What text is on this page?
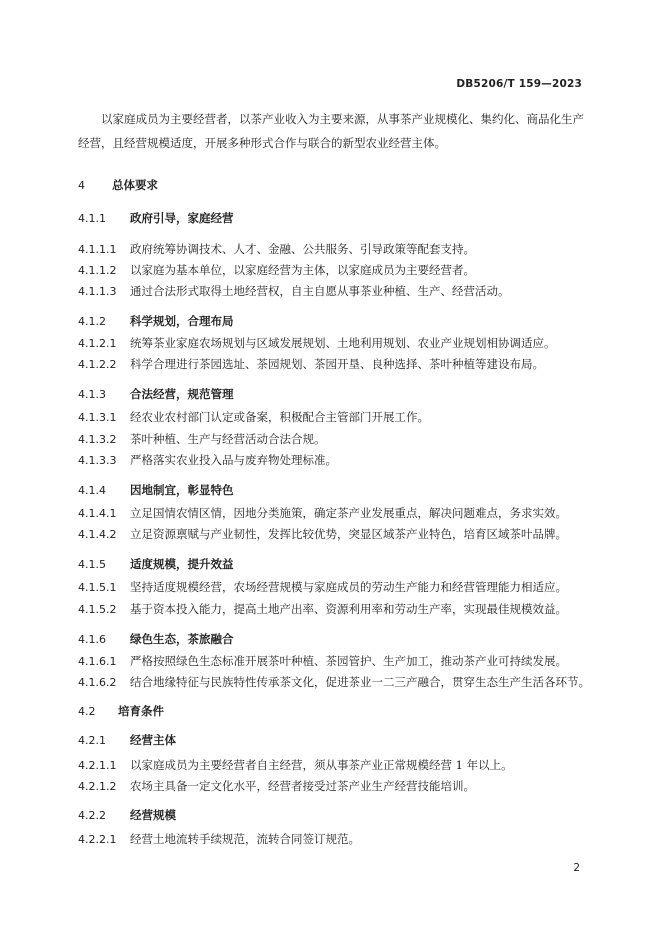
DB5206/T 159—2023
以家庭成员为主要经营者，以茶产业收入为主要来源，从事茶产业规模化、集约化、商品化生产经营，且经营规模适度，开展多种形式合作与联合的新型农业经营主体。
4 总体要求
4.1.1 政府引导，家庭经营
4.1.1.1 政府统筹协调技术、人才、金融、公共服务、引导政策等配套支持。
4.1.1.2 以家庭为基本单位，以家庭经营为主体，以家庭成员为主要经营者。
4.1.1.3 通过合法形式取得土地经营权，自主自愿从事茶业种植、生产、经营活动。
4.1.2 科学规划，合理布局
4.1.2.1 统筹茶业家庭农场规划与区域发展规划、土地利用规划、农业产业规划相协调适应。
4.1.2.2 科学合理进行茶园选址、茶园规划、茶园开垦、良种选择、茶叶种植等建设布局。
4.1.3 合法经营，规范管理
4.1.3.1 经农业农村部门认定或备案，积极配合主管部门开展工作。
4.1.3.2 茶叶种植、生产与经营活动合法合规。
4.1.3.3 严格落实农业投入品与废弃物处理标准。
4.1.4 因地制宜，彰显特色
4.1.4.1 立足国情农情区情，因地分类施策，确定茶产业发展重点，解决问题难点，务求实效。
4.1.4.2 立足资源禀赋与产业韧性，发挥比较优势，突显区域茶产业特色，培育区域茶叶品牌。
4.1.5 适度规模，提升效益
4.1.5.1 坚持适度规模经营，农场经营规模与家庭成员的劳动生产能力和经营管理能力相适应。
4.1.5.2 基于资本投入能力，提高土地产出率、资源利用率和劳动生产率，实现最佳规模效益。
4.1.6 绿色生态，茶旅融合
4.1.6.1 严格按照绿色生态标准开展茶叶种植、茶园管护、生产加工，推动茶产业可持续发展。
4.1.6.2 结合地缘特征与民族特性传承茶文化，促进茶业一二三产融合，贯穿生态生产生活各环节。
4.2 培育条件
4.2.1 经营主体
4.2.1.1 以家庭成员为主要经营者自主经营，须从事茶产业正常规模经营 1 年以上。
4.2.1.2 农场主具备一定文化水平，经营者接受过茶产业生产经营技能培训。
4.2.2 经营规模
4.2.2.1 经营土地流转手续规范，流转合同签订规范。
2
